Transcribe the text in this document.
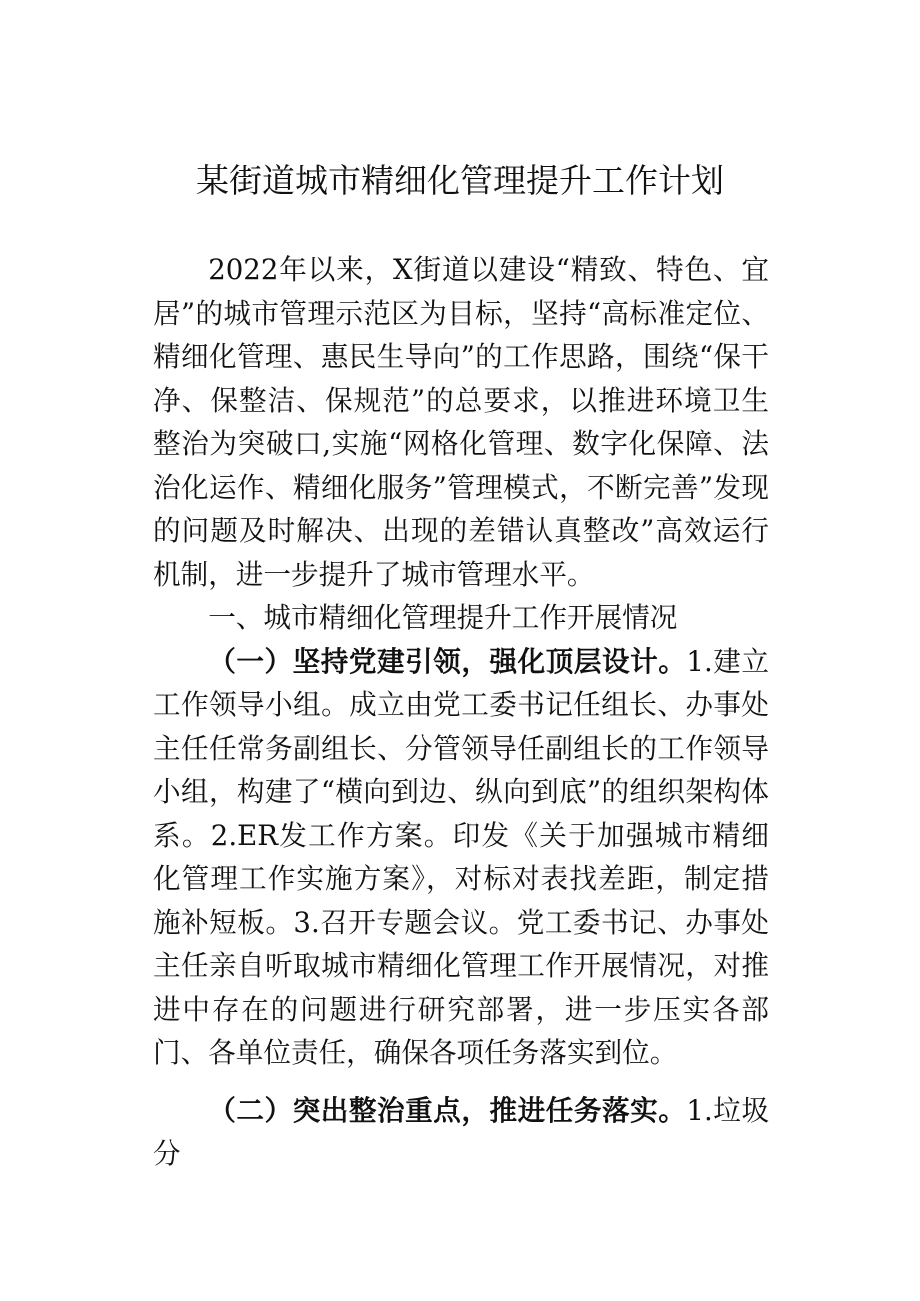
某街道城市精细化管理提升工作计划

2022年以来，X街道以建设“精致、特色、宜居”的城市管理示范区为目标，坚持“高标准定位、精细化管理、惠民生导向”的工作思路，围绕“保干净、保整洁、保规范”的总要求，以推进环境卫生整治为突破口,实施“网格化管理、数字化保障、法治化运作、精细化服务”管理模式，不断完善”发现的问题及时解决、出现的差错认真整改”高效运行机制，进一步提升了城市管理水平。

一、城市精细化管理提升工作开展情况

（一）坚持党建引领，强化顶层设计。1.建立工作领导小组。成立由党工委书记任组长、办事处主任任常务副组长、分管领导任副组长的工作领导小组，构建了“横向到边、纵向到底”的组织架构体系。2.ER发工作方案。印发《关于加强城市精细化管理工作实施方案》，对标对表找差距，制定措施补短板。3.召开专题会议。党工委书记、办事处主任亲自听取城市精细化管理工作开展情况，对推进中存在的问题进行研究部署，进一步压实各部门、各单位责任，确保各项任务落实到位。

（二）突出整治重点，推进任务落实。1.垃圾分
